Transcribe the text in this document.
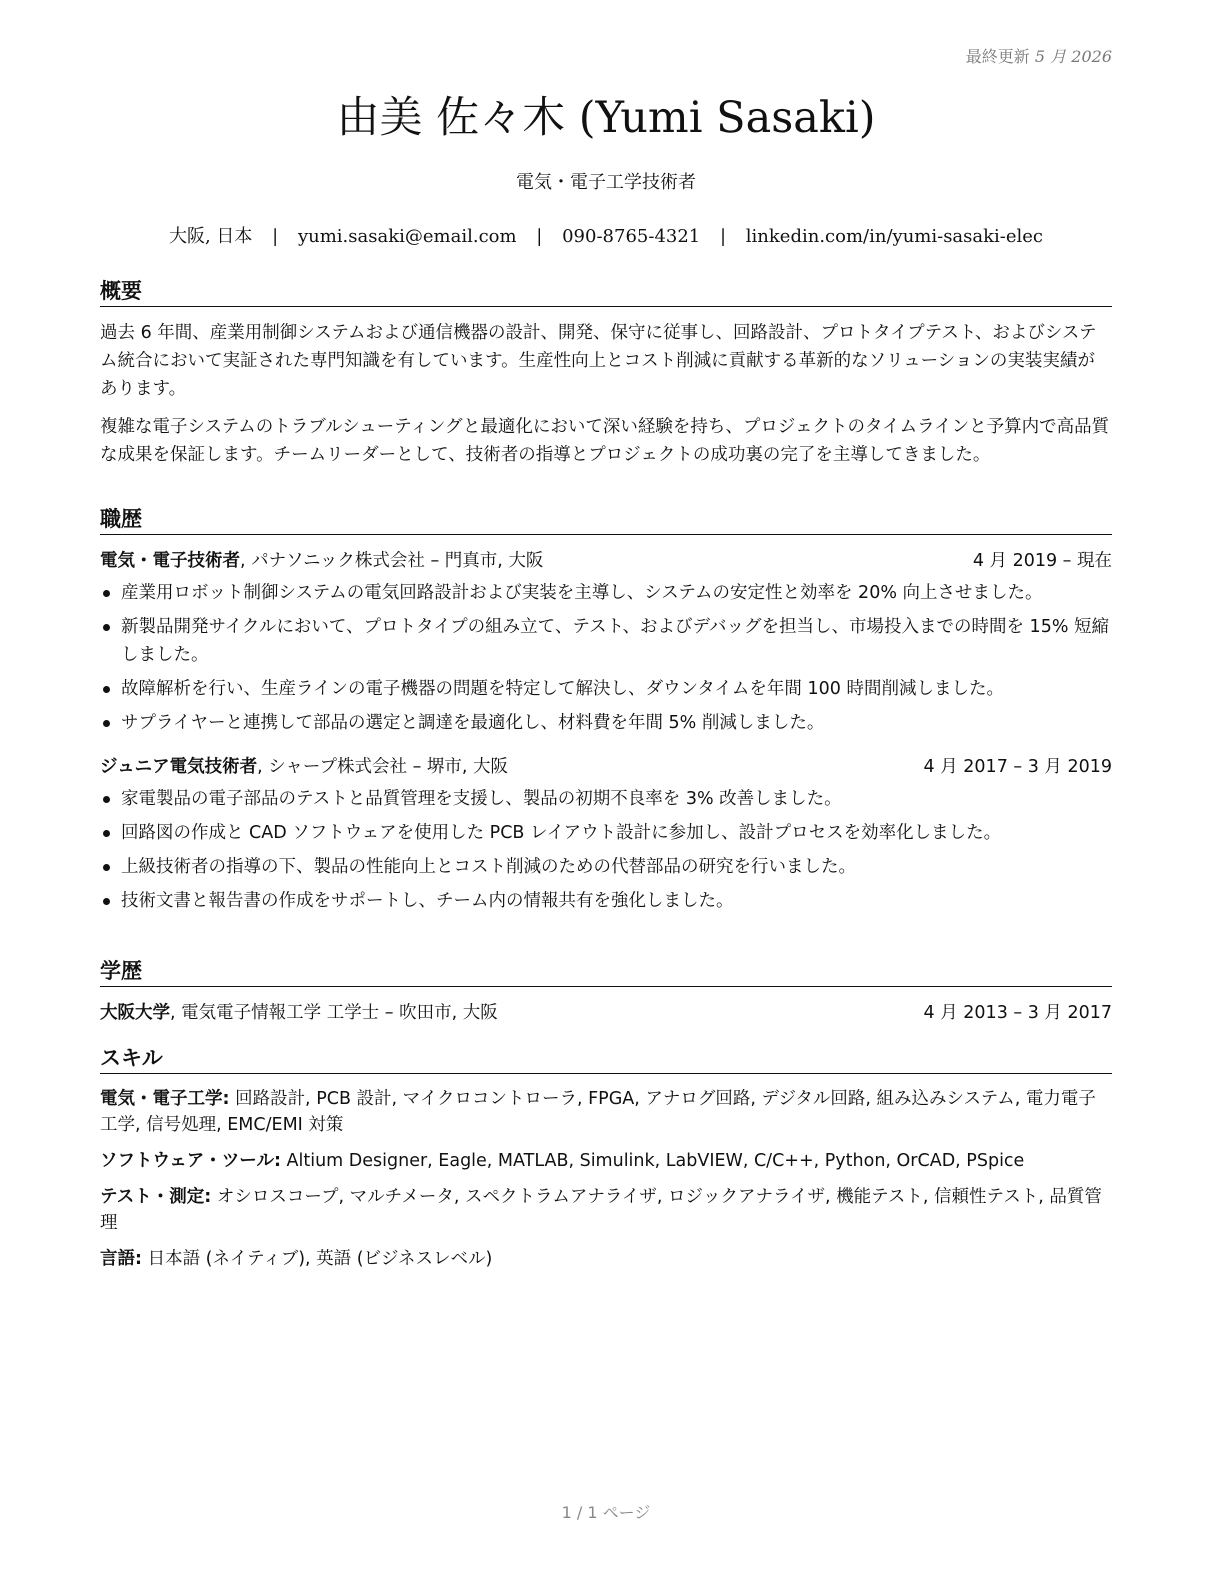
最終更新 5 月 2026
由美 佐々木 (Yumi Sasaki)
電気・電子工学技術者
大阪, 日本 | yumi.sasaki@email.com | 090-8765-4321 | linkedin.com/in/yumi-sasaki-elec
概要
過去 6 年間、産業用制御システムおよび通信機器の設計、開発、保守に従事し、回路設計、プロトタイプテスト、およびシステム統合において実証された専門知識を有しています。生産性向上とコスト削減に貢献する革新的なソリューションの実装実績があります。
複雑な電子システムのトラブルシューティングと最適化において深い経験を持ち、プロジェクトのタイムラインと予算内で高品質な成果を保証します。チームリーダーとして、技術者の指導とプロジェクトの成功裏の完了を主導してきました。
職歴
電気・電子技術者, パナソニック株式会社 – 門真市, 大阪	4 月 2019 – 現在
産業用ロボット制御システムの電気回路設計および実装を主導し、システムの安定性と効率を 20% 向上させました。
新製品開発サイクルにおいて、プロトタイプの組み立て、テスト、およびデバッグを担当し、市場投入までの時間を 15% 短縮しました。
故障解析を行い、生産ラインの電子機器の問題を特定して解決し、ダウンタイムを年間 100 時間削減しました。
サプライヤーと連携して部品の選定と調達を最適化し、材料費を年間 5% 削減しました。
ジュニア電気技術者, シャープ株式会社 – 堺市, 大阪	4 月 2017 – 3 月 2019
家電製品の電子部品のテストと品質管理を支援し、製品の初期不良率を 3% 改善しました。
回路図の作成と CAD ソフトウェアを使用した PCB レイアウト設計に参加し、設計プロセスを効率化しました。
上級技術者の指導の下、製品の性能向上とコスト削減のための代替部品の研究を行いました。
技術文書と報告書の作成をサポートし、チーム内の情報共有を強化しました。
学歴
大阪大学, 電気電子情報工学 工学士 – 吹田市, 大阪	4 月 2013 – 3 月 2017
スキル
電気・電子工学: 回路設計, PCB 設計, マイクロコントローラ, FPGA, アナログ回路, デジタル回路, 組み込みシステム, 電力電子工学, 信号処理, EMC/EMI 対策
ソフトウェア・ツール: Altium Designer, Eagle, MATLAB, Simulink, LabVIEW, C/C++, Python, OrCAD, PSpice
テスト・測定: オシロスコープ, マルチメータ, スペクトラムアナライザ, ロジックアナライザ, 機能テスト, 信頼性テスト, 品質管理
言語: 日本語 (ネイティブ), 英語 (ビジネスレベル)
1 / 1 ページ
